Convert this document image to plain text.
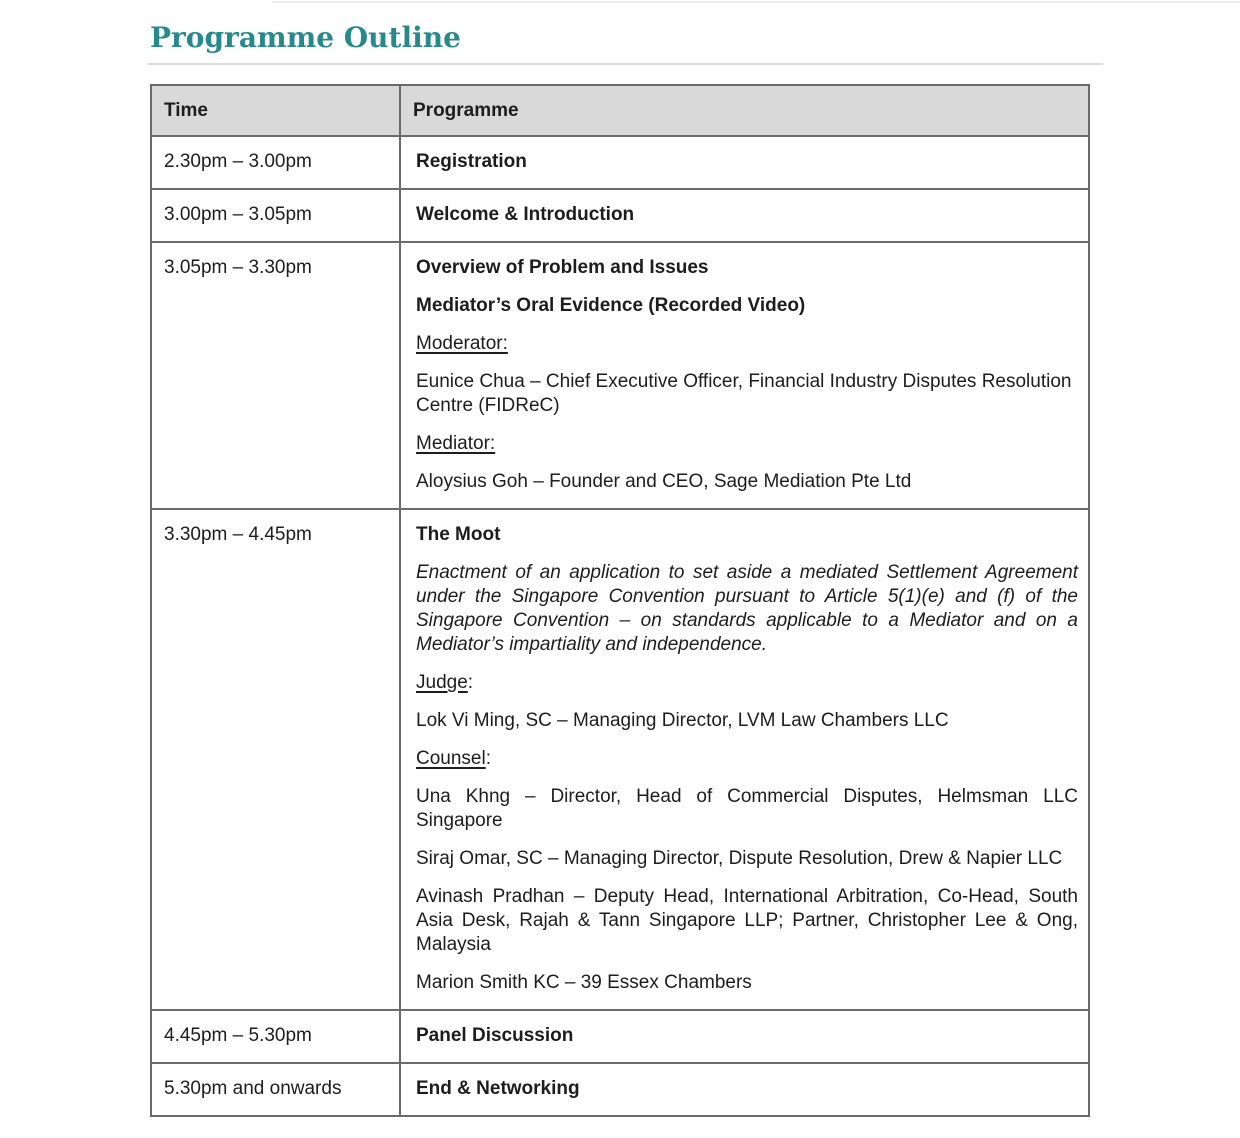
Programme Outline
Time	Programme

2.30pm – 3.00pm	Registration

3.00pm – 3.05pm	Welcome & Introduction

3.05pm – 3.30pm	Overview of Problem and Issues

Mediator’s Oral Evidence (Recorded Video)

Moderator:

Eunice Chua – Chief Executive Officer, Financial Industry Disputes Resolution Centre (FIDReC)

Mediator:

Aloysius Goh – Founder and CEO, Sage Mediation Pte Ltd

3.30pm – 4.45pm	The Moot

Enactment of an application to set aside a mediated Settlement Agreement under the Singapore Convention pursuant to Article 5(1)(e) and (f) of the Singapore Convention – on standards applicable to a Mediator and on a Mediator’s impartiality and independence.

Judge:

Lok Vi Ming, SC – Managing Director, LVM Law Chambers LLC

Counsel:

Una Khng – Director, Head of Commercial Disputes, Helmsman LLC Singapore

Siraj Omar, SC – Managing Director, Dispute Resolution, Drew & Napier LLC

Avinash Pradhan – Deputy Head, International Arbitration, Co-Head, South Asia Desk, Rajah & Tann Singapore LLP; Partner, Christopher Lee & Ong, Malaysia

Marion Smith KC – 39 Essex Chambers

4.45pm – 5.30pm	Panel Discussion

5.30pm and onwards	End & Networking
